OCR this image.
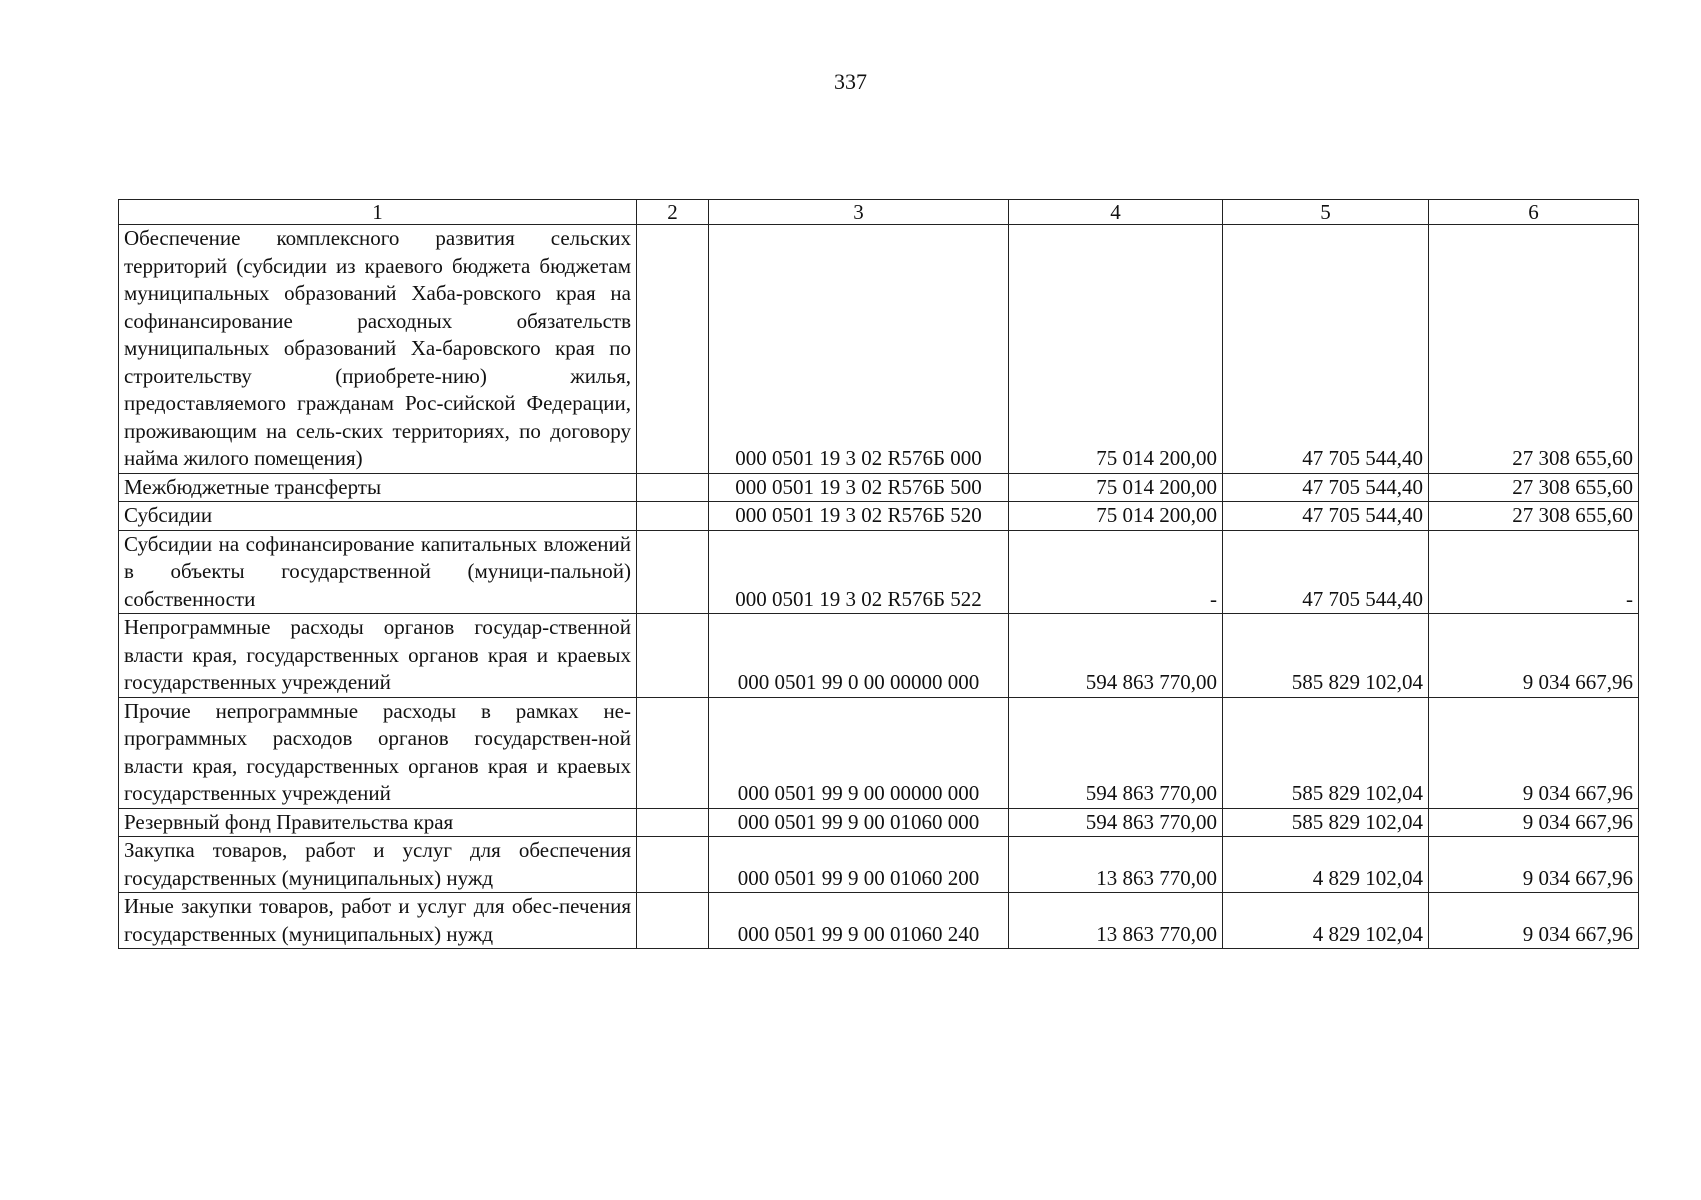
337
1	2	3	4	5	6
Обеспечение комплексного развития сельских территорий (субсидии из краевого бюджета бюджетам муниципальных образований Хаба-ровского края на софинансирование расходных обязательств муниципальных образований Ха-баровского края по строительству (приобрете-нию) жилья, предоставляемого гражданам Рос-сийской Федерации, проживающим на сель-ских территориях, по договору найма жилого помещения)		000 0501 19 3 02 R576Б 000	75 014 200,00	47 705 544,40	27 308 655,60
Межбюджетные трансферты		000 0501 19 3 02 R576Б 500	75 014 200,00	47 705 544,40	27 308 655,60
Субсидии		000 0501 19 3 02 R576Б 520	75 014 200,00	47 705 544,40	27 308 655,60
Субсидии на софинансирование капитальных вложений в объекты государственной (муници-пальной) собственности		000 0501 19 3 02 R576Б 522	-	47 705 544,40	-
Непрограммные расходы органов государ-ственной власти края, государственных органов края и краевых государственных учреждений		000 0501 99 0 00 00000 000	594 863 770,00	585 829 102,04	9 034 667,96
Прочие непрограммные расходы в рамках не-программных расходов органов государствен-ной власти края, государственных органов края и краевых государственных учреждений		000 0501 99 9 00 00000 000	594 863 770,00	585 829 102,04	9 034 667,96
Резервный фонд Правительства края		000 0501 99 9 00 01060 000	594 863 770,00	585 829 102,04	9 034 667,96
Закупка товаров, работ и услуг для обеспечения государственных (муниципальных) нужд		000 0501 99 9 00 01060 200	13 863 770,00	4 829 102,04	9 034 667,96
Иные закупки товаров, работ и услуг для обес-печения государственных (муниципальных) нужд		000 0501 99 9 00 01060 240	13 863 770,00	4 829 102,04	9 034 667,96
